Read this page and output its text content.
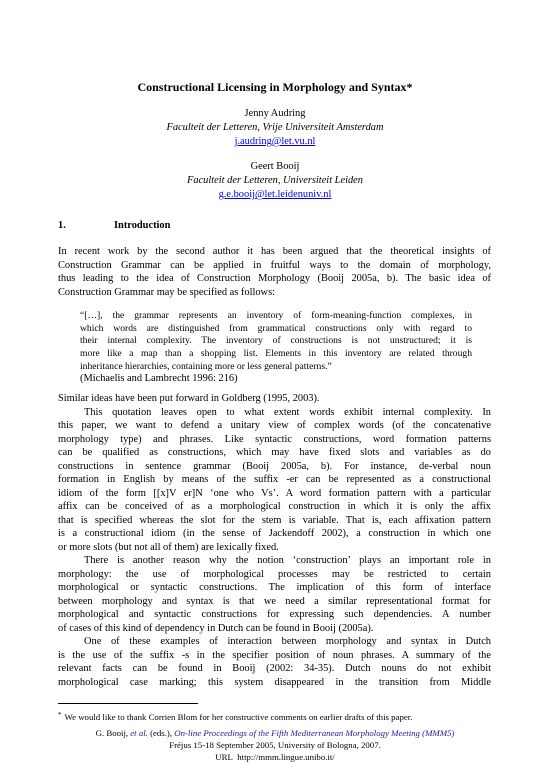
Constructional Licensing in Morphology and Syntax*
Jenny Audring
Faculteit der Letteren, Vrije Universiteit Amsterdam
j.audring@let.vu.nl
Geert Booij
Faculteit der Letteren, Universiteit Leiden
g.e.booij@let.leidenuniv.nl
1.	Introduction
In recent work by the second author it has been argued that the theoretical insights of
Construction Grammar can be applied in fruitful ways to the domain of morphology,
thus leading to the idea of Construction Morphology (Booij 2005a, b). The basic idea of
Construction Grammar may be specified as follows:
“[…], the grammar represents an inventory of form-meaning-function complexes, in
which words are distinguished from grammatical constructions only with regard to
their internal complexity. The inventory of constructions is not unstructured; it is
more like a map than a shopping list. Elements in this inventory are related through
inheritance hierarchies, containing more or less general patterns.”
(Michaelis and Lambrecht 1996: 216)
Similar ideas have been put forward in Goldberg (1995, 2003).
This quotation leaves open to what extent words exhibit internal complexity. In
this paper, we want to defend a unitary view of complex words (of the concatenative
morphology type) and phrases. Like syntactic constructions, word formation patterns
can be qualified as constructions, which may have fixed slots and variables as do
constructions in sentence grammar (Booij 2005a, b). For instance, de-verbal noun
formation in English by means of the suffix -er can be represented as a constructional
idiom of the form [[x]V er]N ‘one who Vs’. A word formation pattern with a particular
affix can be conceived of as a morphological construction in which it is only the affix
that is specified whereas the slot for the stem is variable. That is, each affixation pattern
is a constructional idiom (in the sense of Jackendoff 2002), a construction in which one
or more slots (but not all of them) are lexically fixed.
There is another reason why the notion ‘construction’ plays an important role in
morphology: the use of morphological processes may be restricted to certain
morphological or syntactic constructions. The implication of this form of interface
between morphology and syntax is that we need a similar representational format for
morphological and syntactic constructions for expressing such dependencies. A number
of cases of this kind of dependency in Dutch can be found in Booij (2005a).
One of these examples of interaction between morphology and syntax in Dutch
is the use of the suffix -s in the specifier position of noun phrases. A summary of the
relevant facts can be found in Booij (2002: 34-35). Dutch nouns do not exhibit
morphological case marking; this system disappeared in the transition from Middle
* We would like to thank Corrien Blom for her constructive comments on earlier drafts of this paper.
G. Booij, et al. (eds.), On-line Proceedings of the Fifth Mediterranean Morphology Meeting (MMM5)
Fréjus 15-18 September 2005, University of Bologna, 2007.
URL http://mmm.lingue.unibo.it/
